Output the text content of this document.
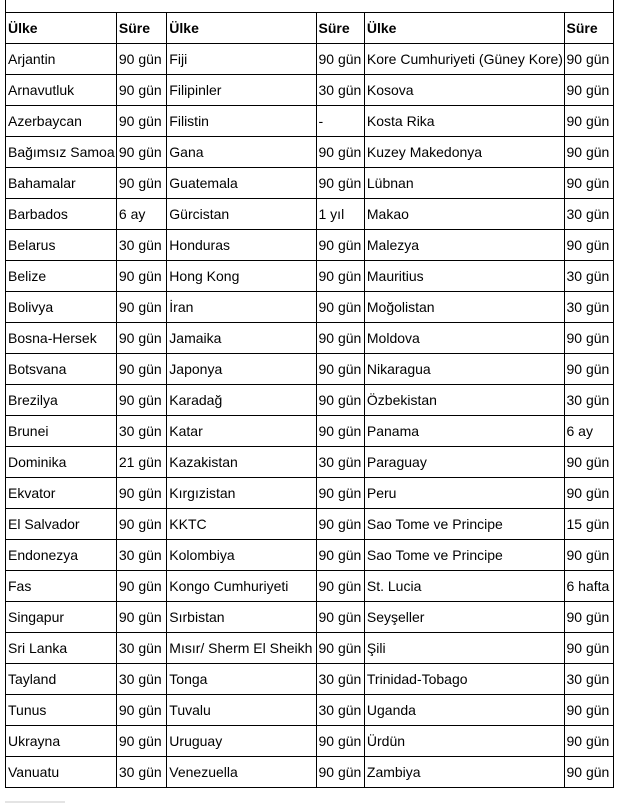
Ülke	Süre	Ülke	Süre	Ülke	Süre
Arjantin	90 gün	Fiji	90 gün	Kore Cumhuriyeti (Güney Kore)	90 gün
Arnavutluk	90 gün	Filipinler	30 gün	Kosova	90 gün
Azerbaycan	90 gün	Filistin	-	Kosta Rika	90 gün
Bağımsız Samoa	90 gün	Gana	90 gün	Kuzey Makedonya	90 gün
Bahamalar	90 gün	Guatemala	90 gün	Lübnan	90 gün
Barbados	6 ay	Gürcistan	1 yıl	Makao	30 gün
Belarus	30 gün	Honduras	90 gün	Malezya	90 gün
Belize	90 gün	Hong Kong	90 gün	Mauritius	30 gün
Bolivya	90 gün	İran	90 gün	Moğolistan	30 gün
Bosna-Hersek	90 gün	Jamaika	90 gün	Moldova	90 gün
Botsvana	90 gün	Japonya	90 gün	Nikaragua	90 gün
Brezilya	90 gün	Karadağ	90 gün	Özbekistan	30 gün
Brunei	30 gün	Katar	90 gün	Panama	6 ay
Dominika	21 gün	Kazakistan	30 gün	Paraguay	90 gün
Ekvator	90 gün	Kırgızistan	90 gün	Peru	90 gün
El Salvador	90 gün	KKTC	90 gün	Sao Tome ve Principe	15 gün
Endonezya	30 gün	Kolombiya	90 gün	Sao Tome ve Principe	90 gün
Fas	90 gün	Kongo Cumhuriyeti	90 gün	St. Lucia	6 hafta
Singapur	90 gün	Sırbistan	90 gün	Seyşeller	90 gün
Sri Lanka	30 gün	Mısır/ Sherm El Sheikh	90 gün	Şili	90 gün
Tayland	30 gün	Tonga	30 gün	Trinidad-Tobago	30 gün
Tunus	90 gün	Tuvalu	30 gün	Uganda	90 gün
Ukrayna	90 gün	Uruguay	90 gün	Ürdün	90 gün
Vanuatu	30 gün	Venezuella	90 gün	Zambiya	90 gün
